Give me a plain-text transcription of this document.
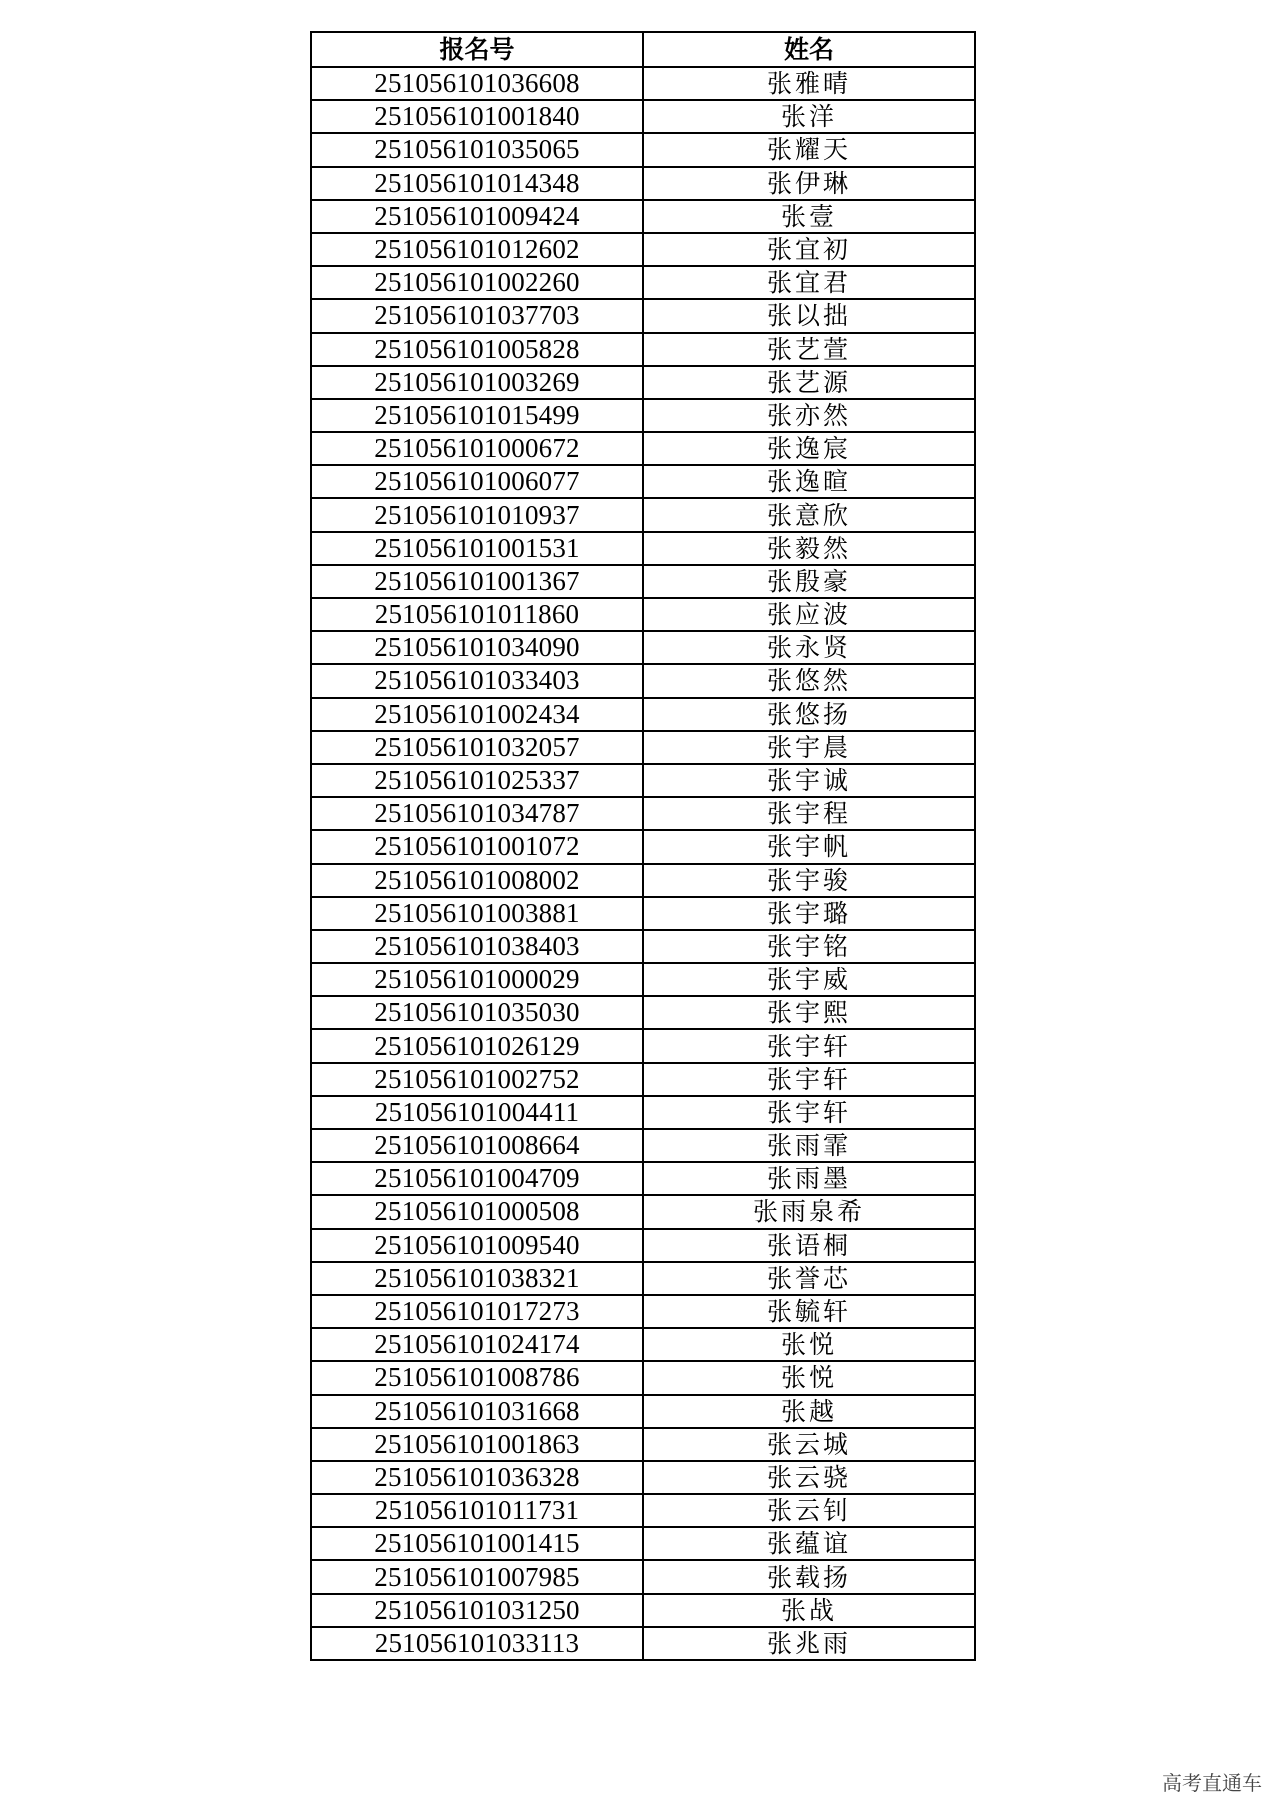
报名号	姓名
251056101036608	张雅晴
251056101001840	张洋
251056101035065	张耀天
251056101014348	张伊琳
251056101009424	张壹
251056101012602	张宜初
251056101002260	张宜君
251056101037703	张以拙
251056101005828	张艺萱
251056101003269	张艺源
251056101015499	张亦然
251056101000672	张逸宸
251056101006077	张逸暄
251056101010937	张意欣
251056101001531	张毅然
251056101001367	张殷豪
251056101011860	张应波
251056101034090	张永贤
251056101033403	张悠然
251056101002434	张悠扬
251056101032057	张宇晨
251056101025337	张宇诚
251056101034787	张宇程
251056101001072	张宇帆
251056101008002	张宇骏
251056101003881	张宇璐
251056101038403	张宇铭
251056101000029	张宇威
251056101035030	张宇熙
251056101026129	张宇轩
251056101002752	张宇轩
251056101004411	张宇轩
251056101008664	张雨霏
251056101004709	张雨墨
251056101000508	张雨泉希
251056101009540	张语桐
251056101038321	张誉芯
251056101017273	张毓轩
251056101024174	张悦
251056101008786	张悦
251056101031668	张越
251056101001863	张云城
251056101036328	张云骁
251056101011731	张云钊
251056101001415	张蕴谊
251056101007985	张载扬
251056101031250	张战
251056101033113	张兆雨
高考直通车
